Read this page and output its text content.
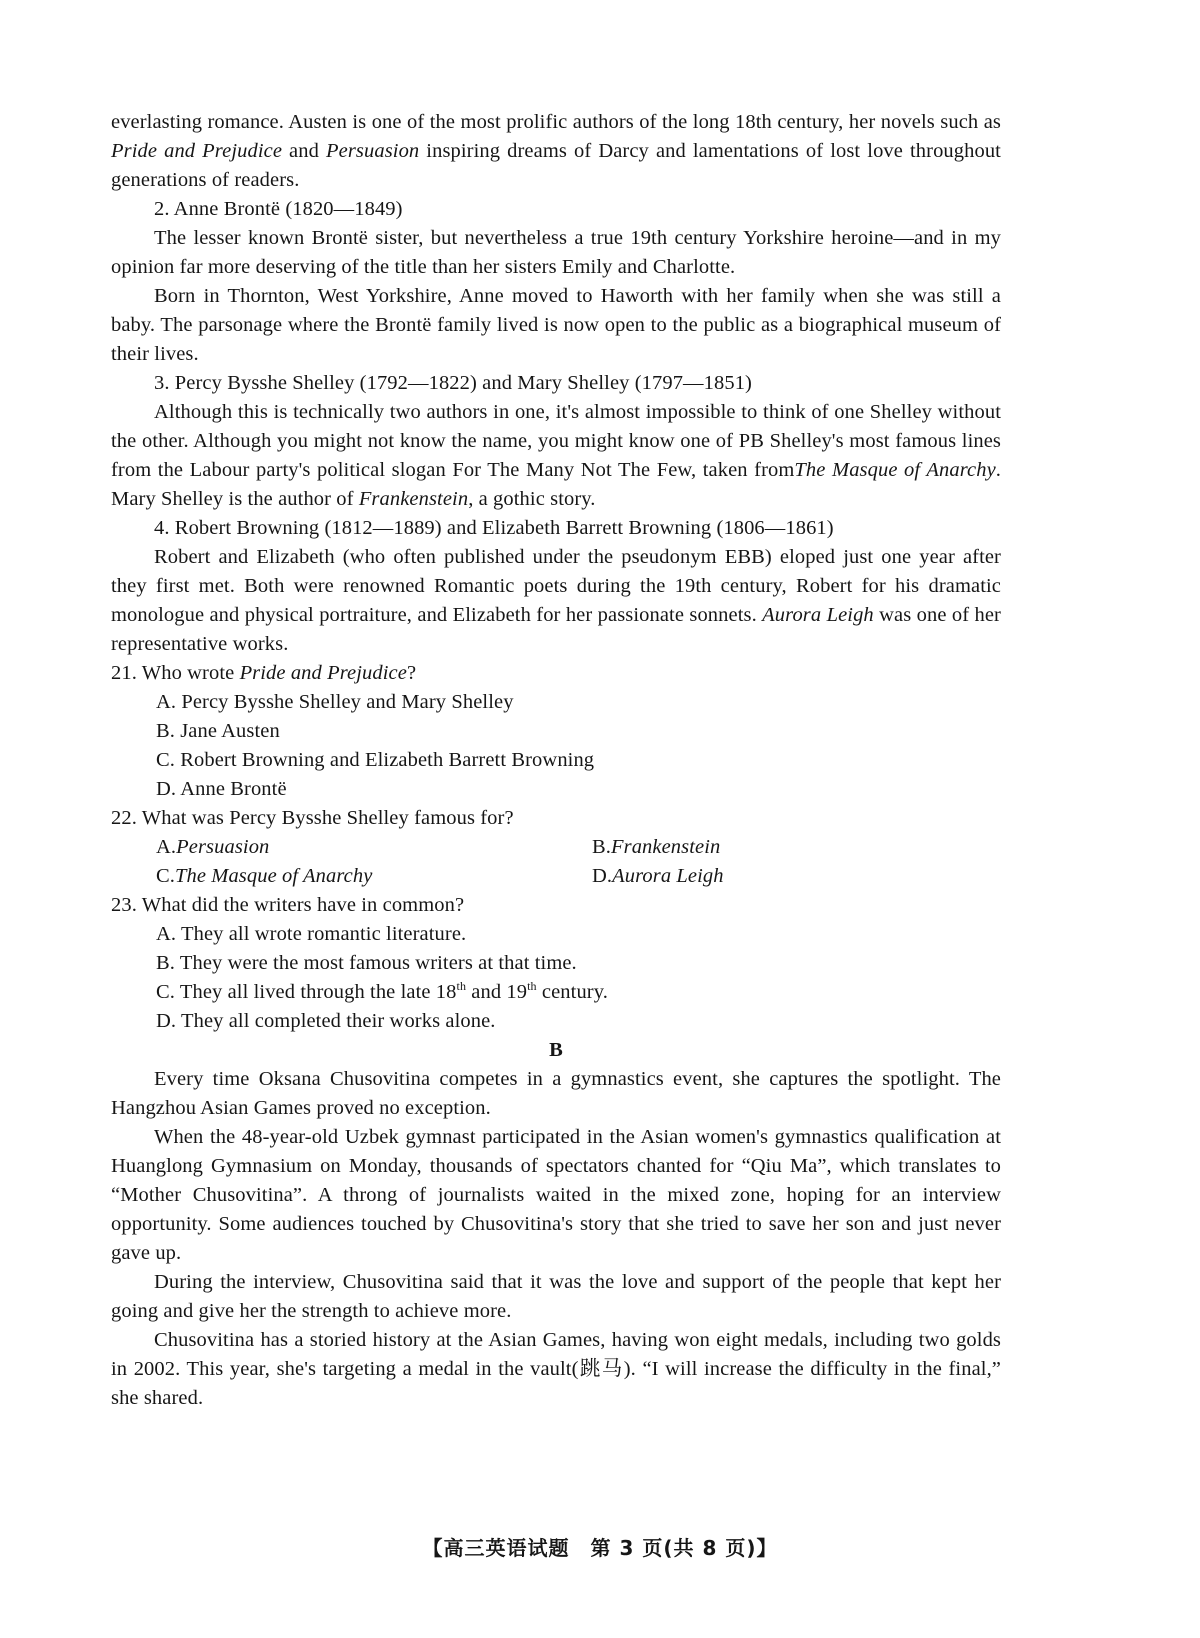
everlasting romance. Austen is one of the most prolific authors of the long 18th century, her novels such as Pride and Prejudice and Persuasion inspiring dreams of Darcy and lamentations of lost love throughout generations of readers.

2. Anne Brontë (1820—1849)

The lesser known Brontë sister, but nevertheless a true 19th century Yorkshire heroine—and in my opinion far more deserving of the title than her sisters Emily and Charlotte.

Born in Thornton, West Yorkshire, Anne moved to Haworth with her family when she was still a baby. The parsonage where the Brontë family lived is now open to the public as a biographical museum of their lives.

3. Percy Bysshe Shelley (1792—1822) and Mary Shelley (1797—1851)

Although this is technically two authors in one, it's almost impossible to think of one Shelley without the other. Although you might not know the name, you might know one of PB Shelley's most famous lines from the Labour party's political slogan For The Many Not The Few, taken fromThe Masque of Anarchy. Mary Shelley is the author of Frankenstein, a gothic story.

4. Robert Browning (1812—1889) and Elizabeth Barrett Browning (1806—1861)

Robert and Elizabeth (who often published under the pseudonym EBB) eloped just one year after they first met. Both were renowned Romantic poets during the 19th century, Robert for his dramatic monologue and physical portraiture, and Elizabeth for her passionate sonnets. Aurora Leigh was one of her representative works.

21. Who wrote Pride and Prejudice?

A. Percy Bysshe Shelley and Mary Shelley

B. Jane Austen

C. Robert Browning and Elizabeth Barrett Browning

D. Anne Brontë

22. What was Percy Bysshe Shelley famous for?

A.Persuasion	B.Frankenstein
C.The Masque of Anarchy	D.Aurora Leigh

23. What did the writers have in common?

A. They all wrote romantic literature.

B. They were the most famous writers at that time.

C. They all lived through the late 18th and 19th century.

D. They all completed their works alone.

B

Every time Oksana Chusovitina competes in a gymnastics event, she captures the spotlight. The Hangzhou Asian Games proved no exception.

When the 48-year-old Uzbek gymnast participated in the Asian women's gymnastics qualification at Huanglong Gymnasium on Monday, thousands of spectators chanted for “Qiu Ma”, which translates to “Mother Chusovitina”. A throng of journalists waited in the mixed zone, hoping for an interview opportunity. Some audiences touched by Chusovitina's story that she tried to save her son and just never gave up.

During the interview, Chusovitina said that it was the love and support of the people that kept her going and give her the strength to achieve more.

Chusovitina has a storied history at the Asian Games, having won eight medals, including two golds in 2002. This year, she's targeting a medal in the vault(跳马). “I will increase the difficulty in the final,” she shared.

【高三英语试题　第 3 页(共 8 页)】
